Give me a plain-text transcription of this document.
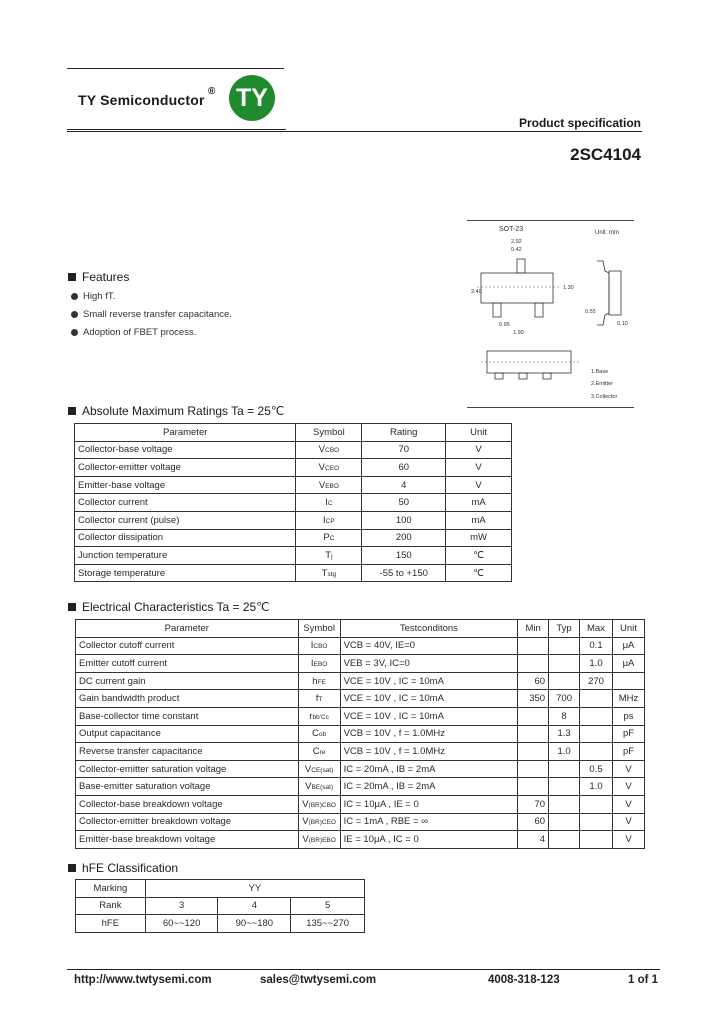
TY Semiconductor
® TY
Product specification
2SC4104
SOT-23	Unit: mm
2.92
0.42
2.40
1.30
0.95
1.90
0.55
0.10
1.Base
2.Emitter
3.Collector
Features
High fT.
Small reverse transfer capacitance.
Adoption of FBET process.
Absolute Maximum Ratings Ta = 25℃
Parameter	Symbol	Rating	Unit
Collector-base voltage	VCBO	70	V
Collector-emitter voltage	VCEO	60	V
Emitter-base voltage	VEBO	4	V
Collector current	IC	50	mA
Collector current (pulse)	ICP	100	mA
Collector dissipation	PC	200	mW
Junction temperature	Tj	150	℃
Storage temperature	Tstg	-55 to +150	℃
Electrical Characteristics Ta = 25℃
Parameter	Symbol	Testconditons	Min	Typ	Max	Unit
Collector cutoff current	ICBO	VCB = 40V, IE=0			0.1	μA
Emitter cutoff current	IEBO	VEB = 3V, IC=0			1.0	μA
DC current gain	hFE	VCE = 10V , IC = 10mA	60		270	
Gain bandwidth product	fT	VCE = 10V , IC = 10mA	350	700		MHz
Base-collector time constant	rbb'Cc	VCE = 10V , IC = 10mA		8		ps
Output capacitance	Cob	VCB = 10V , f = 1.0MHz		1.3		pF
Reverse transfer capacitance	Cre	VCB = 10V , f = 1.0MHz		1.0		pF
Collector-emitter saturation voltage	VCE(sat)	IC = 20mA , IB = 2mA			0.5	V
Base-emitter saturation voltage	VBE(sat)	IC = 20mA , IB = 2mA			1.0	V
Collector-base breakdown voltage	V(BR)CBO	IC = 10μA , IE = 0	70			V
Collector-emitter breakdown voltage	V(BR)CEO	IC = 1mA , RBE = ∞	60			V
Emitter-base breakdown voltage	V(BR)EBO	IE = 10μA , IC = 0	4			V
hFE Classification
Marking	YY		
Rank	3	4	5
hFE	60~~120	90~~180	135~~270
http://www.twtysemi.com	sales@twtysemi.com	4008-318-123	1 of 1
